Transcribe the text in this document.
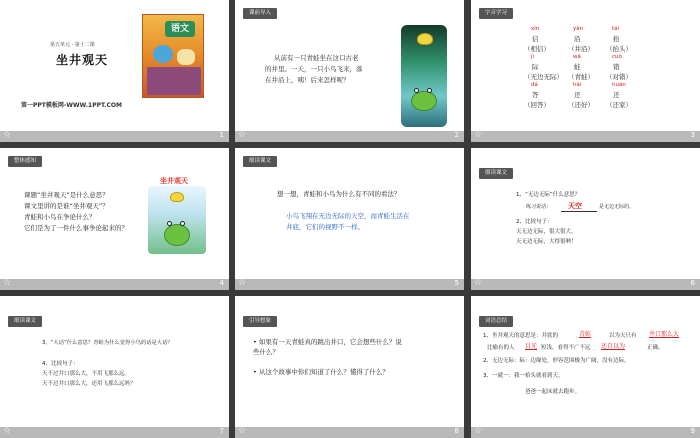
第五单元 · 第十二课
坐井观天
第一PPT模板网-WWW.1PPT.COM
语文
☆	1
课前导入
从前有一只青蛙坐在这口古老
的井里。一天，一只小鸟飞来，落
在井沿上，咦！后来怎样呢？
☆	2
字音学习
xìn	yán	tái
信	沿	抬
（相信）	（井沿） （抬头）
jì	wā	cuò
际	蛙	错
（无边无际） （青蛙） （对错）
dá	hái	huán
答	还	还
（回答）	（还好） （还家）
☆	3
整体感知
课题“坐井观天”是什么意思？
课文里讲的是谁“坐井观天”？
青蛙和小鸟在争论什么？
它们是为了一件什么事争论起来的？
坐井观天
☆	4
细读课文
想一想，青蛙和小鸟为什么有不同的看法？
小鸟飞翔在无边无际的天空，而青蛙生活在
井底，它们的视野不一样。
☆	5
细读课文
1、“无边无际”什么意思？
练习说话： 天空	是无边无际的。
2、比较句子：
天无边无际，很大很大。
天无边无际，大得很呐！
☆	6
细读课文
3、“大话”什么意思？青蛙为什么觉得小鸟的话是大话？
4、比较句子：
天不过井口那么大，不用飞那么远。
天不过井口那么大，还用飞那么远吗？
☆	7
引导想象
• 如果有一天青蛙真的跳出井口，它会想些什么？说
些什么？
• 从这个故事中你们知道了什么？懂得了什么？
☆	8
词语总结
1、坐井观天的意思是：井底的	青蛙	以为天只有 井口那么大
比喻有的人 目光 短浅，看得不广不远 还自以为	正确。
2、无边无际：际：边缘处。形容范围极为广阔，没有边际。
3、一就一：我一抬头就看到天。
爸爸一起床就去跑步。
☆	9
